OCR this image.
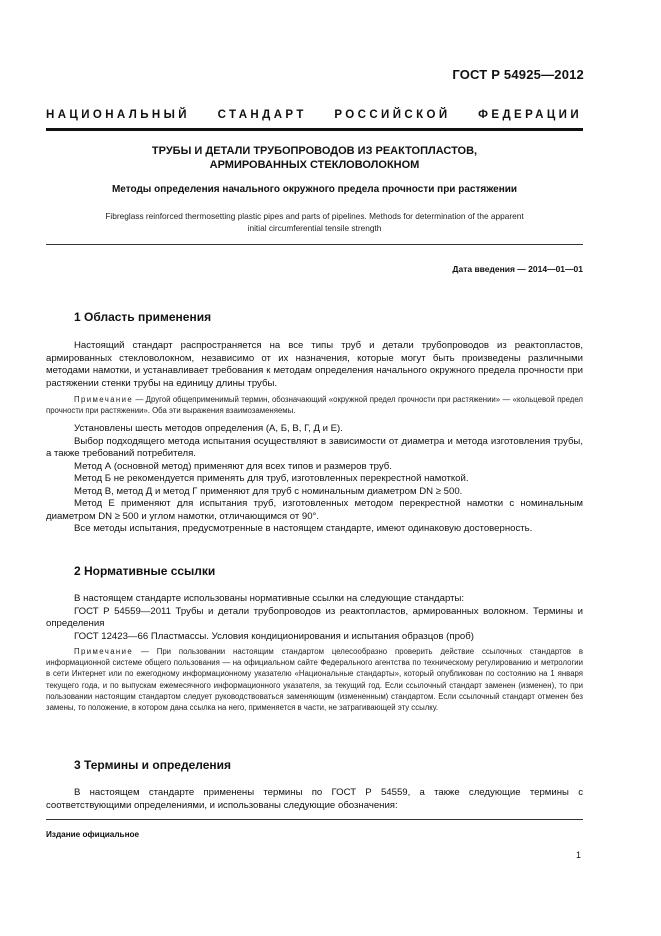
ГОСТ Р 54925—2012
НАЦИОНАЛЬНЫЙ СТАНДАРТ РОССИЙСКОЙ ФЕДЕРАЦИИ
ТРУБЫ И ДЕТАЛИ ТРУБОПРОВОДОВ ИЗ РЕАКТОПЛАСТОВ,
АРМИРОВАННЫХ СТЕКЛОВОЛОКНОМ
Методы определения начального окружного предела прочности при растяжении
Fibreglass reinforced thermosetting plastic pipes and parts of pipelines. Methods for determination of the apparent
initial circumferential tensile strength
Дата введения — 2014—01—01
1 Область применения

Настоящий стандарт распространяется на все типы труб и детали трубопроводов из реактопластов, армированных стекловолокном, независимо от их назначения, которые могут быть произведены различными методами намотки, и устанавливает требования к методам определения начального окружного предела прочности при растяжении стенки трубы на единицу длины трубы.

Примечание — Другой общеприменимый термин, обозначающий «окружной предел прочности при растяжении» — «кольцевой предел прочности при растяжении». Оба эти выражения взаимозаменяемы.

Установлены шесть методов определения (А, Б, В, Г, Д и Е).

Выбор подходящего метода испытания осуществляют в зависимости от диаметра и метода изготовления трубы, а также требований потребителя.

Метод А (основной метод) применяют для всех типов и размеров труб.

Метод Б не рекомендуется применять для труб, изготовленных перекрестной намоткой.

Метод В, метод Д и метод Г применяют для труб с номинальным диаметром DN ≥ 500.

Метод Е применяют для испытания труб, изготовленных методом перекрестной намотки с номинальным диаметром DN ≥ 500 и углом намотки, отличающимся от 90°.

Все методы испытания, предусмотренные в настоящем стандарте, имеют одинаковую достоверность.

2 Нормативные ссылки

В настоящем стандарте использованы нормативные ссылки на следующие стандарты:

ГОСТ Р 54559—2011 Трубы и детали трубопроводов из реактопластов, армированных волокном. Термины и определения

ГОСТ 12423—66 Пластмассы. Условия кондиционирования и испытания образцов (проб)

Примечание — При пользовании настоящим стандартом целесообразно проверить действие ссылочных стандартов в информационной системе общего пользования — на официальном сайте Федерального агентства по техническому регулированию и метрологии в сети Интернет или по ежегодному информационному указателю «Национальные стандарты», который опубликован по состоянию на 1 января текущего года, и по выпускам ежемесячного информационного указателя, за текущий год. Если ссылочный стандарт заменен (изменен), то при пользовании настоящим стандартом следует руководствоваться заменяющим (измененным) стандартом. Если ссылочный стандарт отменен без замены, то положение, в котором дана ссылка на него, применяется в части, не затрагивающей эту ссылку.

3 Термины и определения

В настоящем стандарте применены термины по ГОСТ Р 54559, а также следующие термины с соответствующими определениями, и использованы следующие обозначения:

Издание официальное
1
